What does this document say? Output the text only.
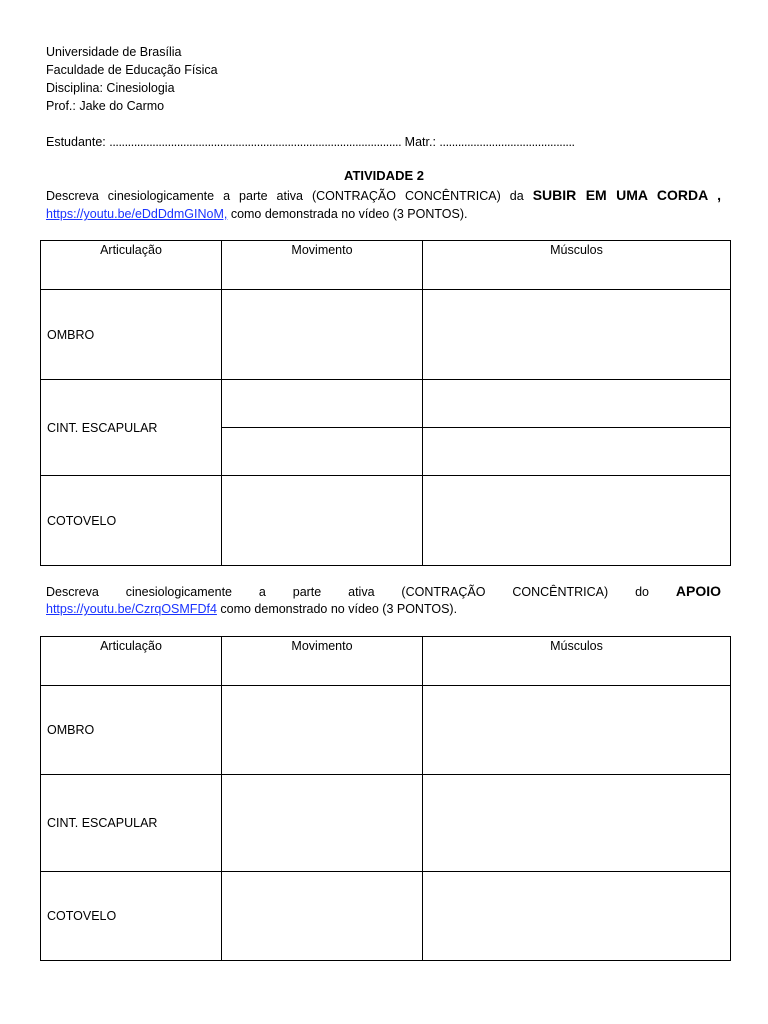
Universidade de Brasília
Faculdade de Educação Física
Disciplina: Cinesiologia
Prof.: Jake do Carmo
Estudante: ............................................................................................... Matr.: ............................................
ATIVIDADE 2
Descreva cinesiologicamente a parte ativa (CONTRAÇÃO CONCÊNTRICA) da SUBIR EM UMA CORDA ,
https://youtu.be/eDdDdmGINoM, como demonstrada no vídeo (3 PONTOS).
Articulação	Movimento	Músculos
OMBRO		
CINT. ESCAPULAR		

COTOVELO		
Descreva cinesiologicamente a parte ativa (CONTRAÇÃO CONCÊNTRICA) do APOIO
https://youtu.be/CzrqOSMFDf4 como demonstrado no vídeo (3 PONTOS).
Articulação	Movimento	Músculos
OMBRO		
CINT. ESCAPULAR		
COTOVELO		
